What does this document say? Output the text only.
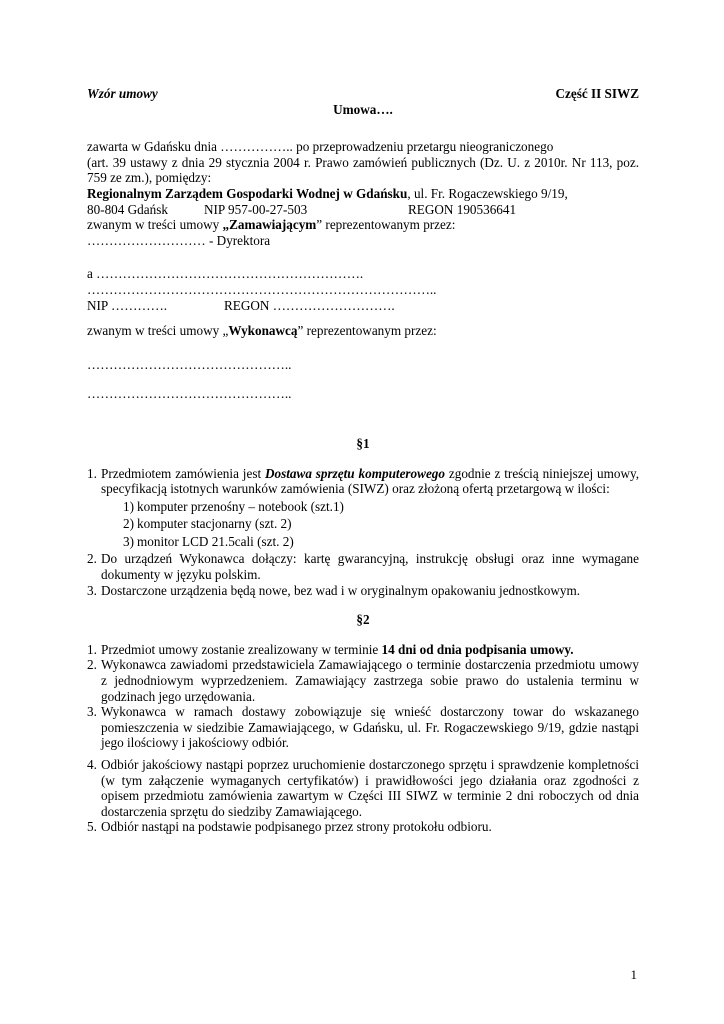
Wzór umowy	Część II SIWZ

Umowa….

zawarta w Gdańsku dnia …………….. po przeprowadzeniu przetargu nieograniczonego

(art. 39 ustawy z dnia 29 stycznia 2004 r. Prawo zamówień publicznych (Dz. U. z 2010r. Nr 113, poz. 759 ze zm.), pomiędzy:

Regionalnym Zarządem Gospodarki Wodnej w Gdańsku, ul. Fr. Rogaczewskiego 9/19,

80-804 Gdańsk	NIP 957-00-27-503	REGON 190536641

zwanym w treści umowy „Zamawiającym” reprezentowanym przez:

……………………… - Dyrektora

a …………………………………………………….

……………………………………………………………………..

NIP ………….	REGON ……………………….

zwanym w treści umowy „Wykonawcą” reprezentowanym przez:

………………………………………..

………………………………………..

§1

1. Przedmiotem zamówienia jest Dostawa sprzętu komputerowego zgodnie z treścią niniejszej umowy, specyfikacją istotnych warunków zamówienia (SIWZ) oraz złożoną ofertą przetargową w ilości:
1) komputer przenośny – notebook (szt.1)
2) komputer stacjonarny (szt. 2)
3) monitor LCD 21.5cali (szt. 2)
2. Do urządzeń Wykonawca dołączy: kartę gwarancyjną, instrukcję obsługi oraz inne wymagane dokumenty w języku polskim.
3. Dostarczone urządzenia będą nowe, bez wad i w oryginalnym opakowaniu jednostkowym.

§2

1. Przedmiot umowy zostanie zrealizowany w terminie 14 dni od dnia podpisania umowy.
2. Wykonawca zawiadomi przedstawiciela Zamawiającego o terminie dostarczenia przedmiotu umowy z jednodniowym wyprzedzeniem. Zamawiający zastrzega sobie prawo do ustalenia terminu w godzinach jego urzędowania.
3. Wykonawca w ramach dostawy zobowiązuje się wnieść dostarczony towar do wskazanego pomieszczenia w siedzibie Zamawiającego, w Gdańsku, ul. Fr. Rogaczewskiego 9/19, gdzie nastąpi jego ilościowy i jakościowy odbiór.
4. Odbiór jakościowy nastąpi poprzez uruchomienie dostarczonego sprzętu i sprawdzenie kompletności (w tym załączenie wymaganych certyfikatów) i prawidłowości jego działania oraz zgodności z opisem przedmiotu zamówienia zawartym w Części III SIWZ w terminie 2 dni roboczych od dnia dostarczenia sprzętu do siedziby Zamawiającego.
5. Odbiór nastąpi na podstawie podpisanego przez strony protokołu odbioru.
1
